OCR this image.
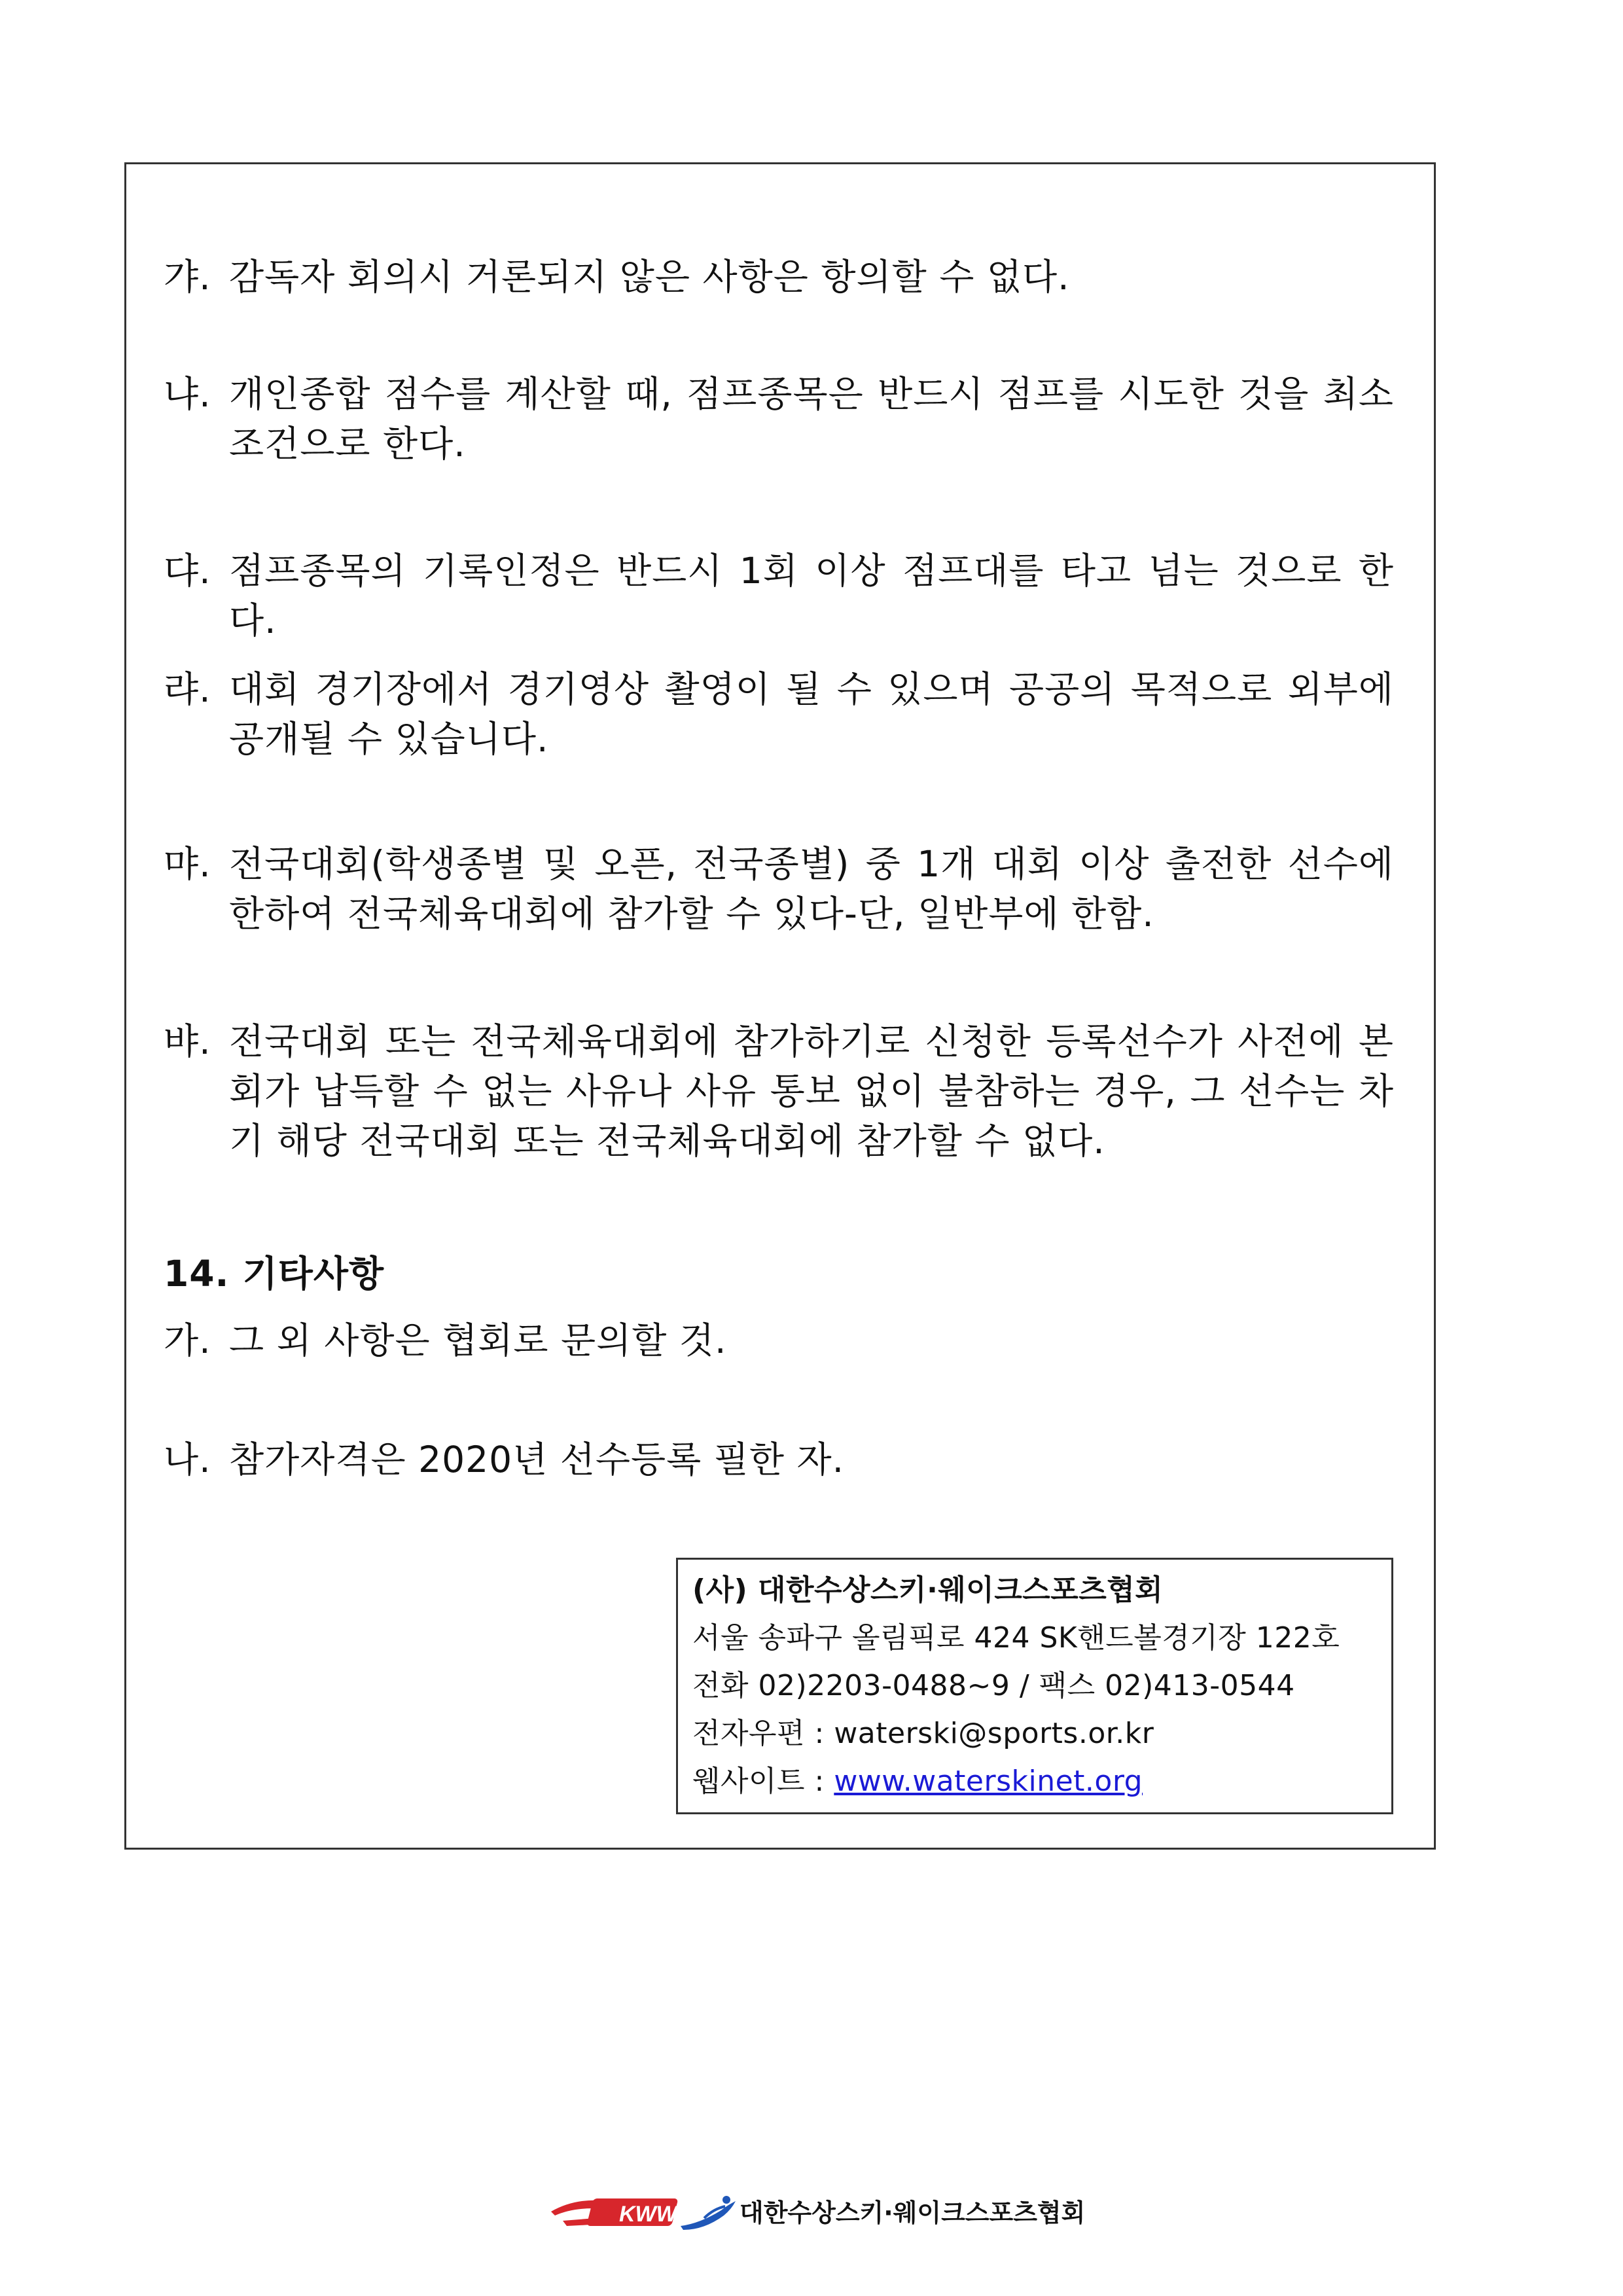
갸. 감독자 회의시 거론되지 않은 사항은 항의할 수 없다.
냐. 개인종합 점수를 계산할 때, 점프종목은 반드시 점프를 시도한 것을 최소 조건으로 한다.
댜. 점프종목의 기록인정은 반드시 1회 이상 점프대를 타고 넘는 것으로 한다.
랴. 대회 경기장에서 경기영상 촬영이 될 수 있으며 공공의 목적으로 외부에 공개될 수 있습니다.
먀. 전국대회(학생종별 및 오픈, 전국종별) 중 1개 대회 이상 출전한 선수에 한하여 전국체육대회에 참가할 수 있다-단, 일반부에 한함.
뱌. 전국대회 또는 전국체육대회에 참가하기로 신청한 등록선수가 사전에 본회가 납득할 수 없는 사유나 사유 통보 없이 불참하는 경우, 그 선수는 차기 해당 전국대회 또는 전국체육대회에 참가할 수 없다.
14. 기타사항
가. 그 외 사항은 협회로 문의할 것.
나. 참가자격은 2020년 선수등록 필한 자.
(사) 대한수상스키·웨이크스포츠협회
서울 송파구 올림픽로 424 SK핸드볼경기장 122호
전화 02)2203-0488~9 / 팩스 02)413-0544
전자우편 : waterski@sports.or.kr
웹사이트 : www.waterskinet.org
KWWA 대한수상스키·웨이크스포츠협회
